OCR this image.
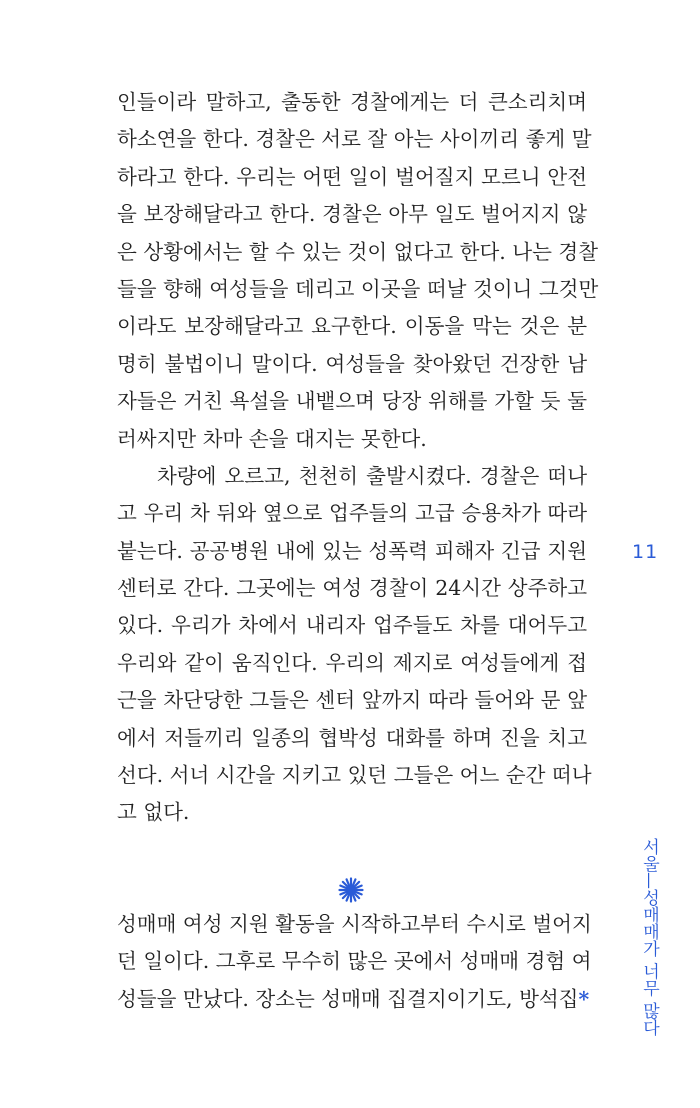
인들이라 말하고, 출동한 경찰에게는 더 큰소리치며
하소연을 한다. 경찰은 서로 잘 아는 사이끼리 좋게 말
하라고 한다. 우리는 어떤 일이 벌어질지 모르니 안전
을 보장해달라고 한다. 경찰은 아무 일도 벌어지지 않
은 상황에서는 할 수 있는 것이 없다고 한다. 나는 경찰
들을 향해 여성들을 데리고 이곳을 떠날 것이니 그것만
이라도 보장해달라고 요구한다. 이동을 막는 것은 분
명히 불법이니 말이다. 여성들을 찾아왔던 건장한 남
자들은 거친 욕설을 내뱉으며 당장 위해를 가할 듯 둘
러싸지만 차마 손을 대지는 못한다.
차량에 오르고, 천천히 출발시켰다. 경찰은 떠나
고 우리 차 뒤와 옆으로 업주들의 고급 승용차가 따라
붙는다. 공공병원 내에 있는 성폭력 피해자 긴급 지원
센터로 간다. 그곳에는 여성 경찰이 24시간 상주하고
있다. 우리가 차에서 내리자 업주들도 차를 대어두고
우리와 같이 움직인다. 우리의 제지로 여성들에게 접
근을 차단당한 그들은 센터 앞까지 따라 들어와 문 앞
에서 저들끼리 일종의 협박성 대화를 하며 진을 치고
선다. 서너 시간을 지키고 있던 그들은 어느 순간 떠나
고 없다.
성매매 여성 지원 활동을 시작하고부터 수시로 벌어지
던 일이다. 그후로 무수히 많은 곳에서 성매매 경험 여
성들을 만났다. 장소는 성매매 집결지이기도, 방석집*
11
서울—성매매가 너무 많다
